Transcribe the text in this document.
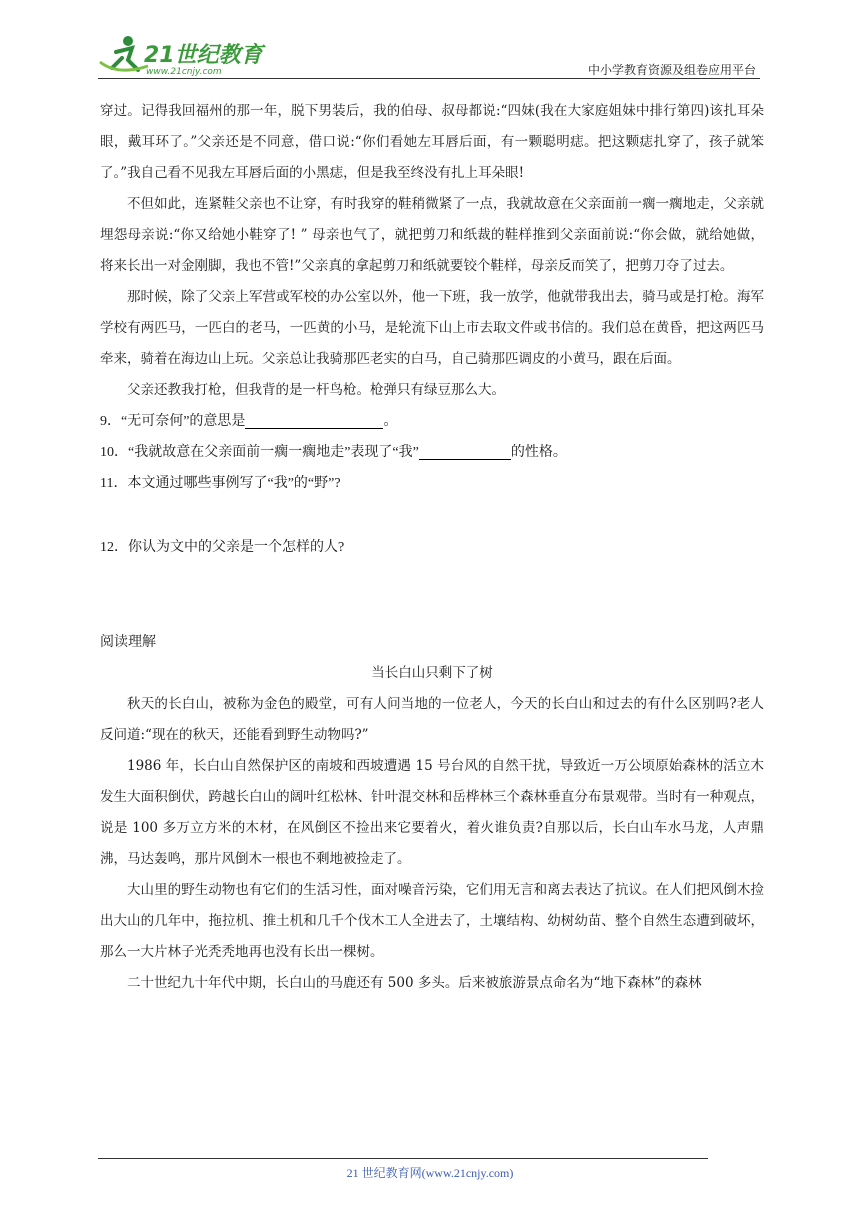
21世纪教育
www.21cnjy.com	中小学教育资源及组卷应用平台

穿过。记得我回福州的那一年，脱下男装后，我的伯母、叔母都说:“四妹(我在大家庭姐妹中排行第四)该扎耳朵眼，戴耳环了。”父亲还是不同意，借口说:“你们看她左耳唇后面，有一颗聪明痣。把这颗痣扎穿了，孩子就笨了。”我自己看不见我左耳唇后面的小黑痣，但是我至终没有扎上耳朵眼!

不但如此，连紧鞋父亲也不让穿，有时我穿的鞋稍微紧了一点，我就故意在父亲面前一瘸一瘸地走，父亲就埋怨母亲说:“你又给她小鞋穿了! ” 母亲也气了，就把剪刀和纸裁的鞋样推到父亲面前说:“你会做，就给她做，将来长出一对金刚脚，我也不管!”父亲真的拿起剪刀和纸就要铰个鞋样，母亲反而笑了，把剪刀夺了过去。

那时候，除了父亲上军营或军校的办公室以外，他一下班，我一放学，他就带我出去，骑马或是打枪。海军学校有两匹马，一匹白的老马，一匹黄的小马，是轮流下山上市去取文件或书信的。我们总在黄昏，把这两匹马牵来，骑着在海边山上玩。父亲总让我骑那匹老实的白马，自己骑那匹调皮的小黄马，跟在后面。

父亲还教我打枪，但我背的是一杆鸟枪。枪弹只有绿豆那么大。

9．“无可奈何”的意思是	。

10．“我就故意在父亲面前一瘸一瘸地走”表现了“我”	的性格。

11．本文通过哪些事例写了“我”的“野”?

12．你认为文中的父亲是一个怎样的人?

阅读理解

当长白山只剩下了树

秋天的长白山，被称为金色的殿堂，可有人问当地的一位老人，今天的长白山和过去的有什么区别吗?老人反问道:“现在的秋天，还能看到野生动物吗?”

1986 年，长白山自然保护区的南坡和西坡遭遇 15 号台风的自然干扰，导致近一万公顷原始森林的活立木发生大面积倒伏，跨越长白山的阔叶红松林、针叶混交林和岳桦林三个森林垂直分布景观带。当时有一种观点，说是 100 多万立方米的木材，在风倒区不捡出来它要着火，着火谁负责?自那以后，长白山车水马龙，人声鼎沸，马达轰鸣，那片风倒木一根也不剩地被捡走了。

大山里的野生动物也有它们的生活习性，面对噪音污染，它们用无言和离去表达了抗议。在人们把风倒木捡出大山的几年中，拖拉机、推土机和几千个伐木工人全进去了，土壤结构、幼树幼苗、整个自然生态遭到破坏，那么一大片林子光秃秃地再也没有长出一棵树。

二十世纪九十年代中期，长白山的马鹿还有 500 多头。后来被旅游景点命名为“地下森林”的森林

21 世纪教育网(www.21cnjy.com)
